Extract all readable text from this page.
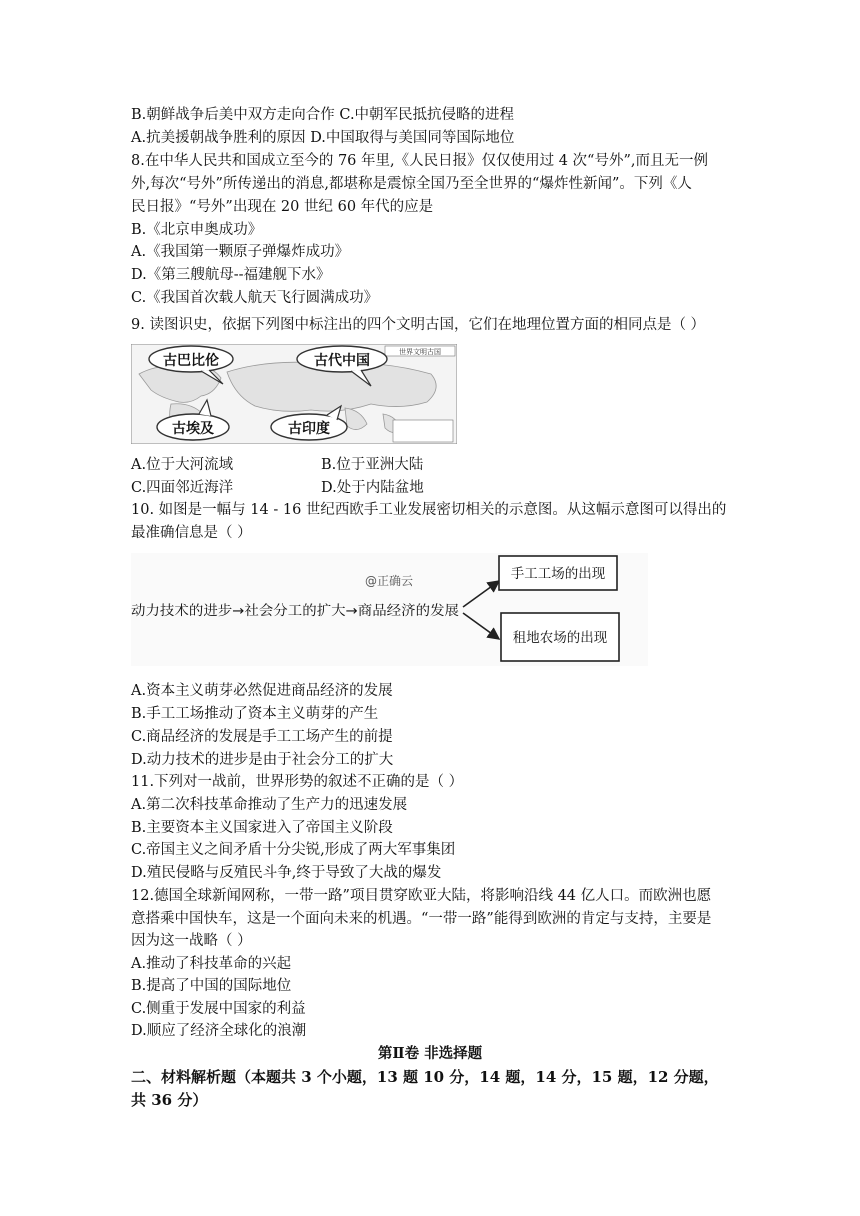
B.朝鲜战争后美中双方走向合作 C.中朝军民抵抗侵略的进程
A.抗美援朝战争胜利的原因 D.中国取得与美国同等国际地位
8.在中华人民共和国成立至今的 76 年里,《人民日报》仅仅使用过 4 次“号外”,而且无一例
外,每次“号外”所传递出的消息,都堪称是震惊全国乃至全世界的“爆炸性新闻”。下列《人
民日报》“号外”出现在 20 世纪 60 年代的应是
B.《北京申奥成功》
A.《我国第一颗原子弹爆炸成功》
D.《第三艘航母--福建舰下水》
C.《我国首次载人航天飞行圆满成功》
9. 读图识史，依据下列图中标注出的四个文明古国，它们在地理位置方面的相同点是（ ）
世界文明古国
古巴比伦	古代中国
古埃及	古印度
A.位于大河流域	B.位于亚洲大陆
C.四面邻近海洋	D.处于内陆盆地
10. 如图是一幅与 14 - 16 世纪西欧手工业发展密切相关的示意图。从这幅示意图可以得出的
最准确信息是（ ）
@正确云
动力技术的进步→社会分工的扩大→商品经济的发展
手工工场的出现
租地农场的出现
A.资本主义萌芽必然促进商品经济的发展
B.手工工场推动了资本主义萌芽的产生
C.商品经济的发展是手工工场产生的前提
D.动力技术的进步是由于社会分工的扩大
11.下列对一战前，世界形势的叙述不正确的是（ ）
A.第二次科技革命推动了生产力的迅速发展
B.主要资本主义国家进入了帝国主义阶段
C.帝国主义之间矛盾十分尖锐,形成了两大军事集团
D.殖民侵略与反殖民斗争,终于导致了大战的爆发
12.德国全球新闻网称，一带一路”项目贯穿欧亚大陆，将影响沿线 44 亿人口。而欧洲也愿
意搭乘中国快车，这是一个面向未来的机遇。“一带一路”能得到欧洲的肯定与支持，主要是
因为这一战略（ ）
A.推动了科技革命的兴起
B.提高了中国的国际地位
C.侧重于发展中国家的利益
D.顺应了经济全球化的浪潮
第Ⅱ卷 非选择题
二、材料解析题（本题共 3 个小题，13 题 10 分，14 题，14 分，15 题，12 分题，
共 36 分）
